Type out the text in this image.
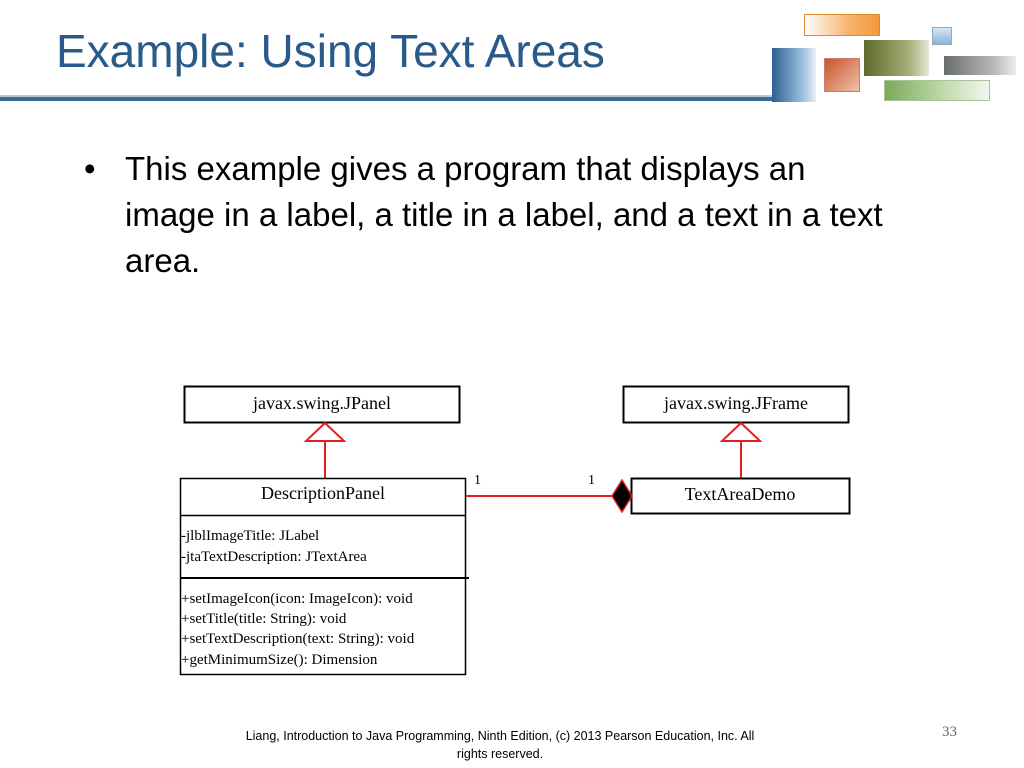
Example: Using Text Areas
• This example gives a program that displays an image in a label, a title in a label, and a text in a text area.
javax.swing.JPanel	javax.swing.JFrame
DescriptionPanel
-jlblImageTitle: JLabel
-jtaTextDescription: JTextArea
+setImageIcon(icon: ImageIcon): void
+setTitle(title: String): void
+setTextDescription(text: String): void
+getMinimumSize(): Dimension
TextAreaDemo
1	1
Liang, Introduction to Java Programming, Ninth Edition, (c) 2013 Pearson Education, Inc. All
rights reserved.
33
